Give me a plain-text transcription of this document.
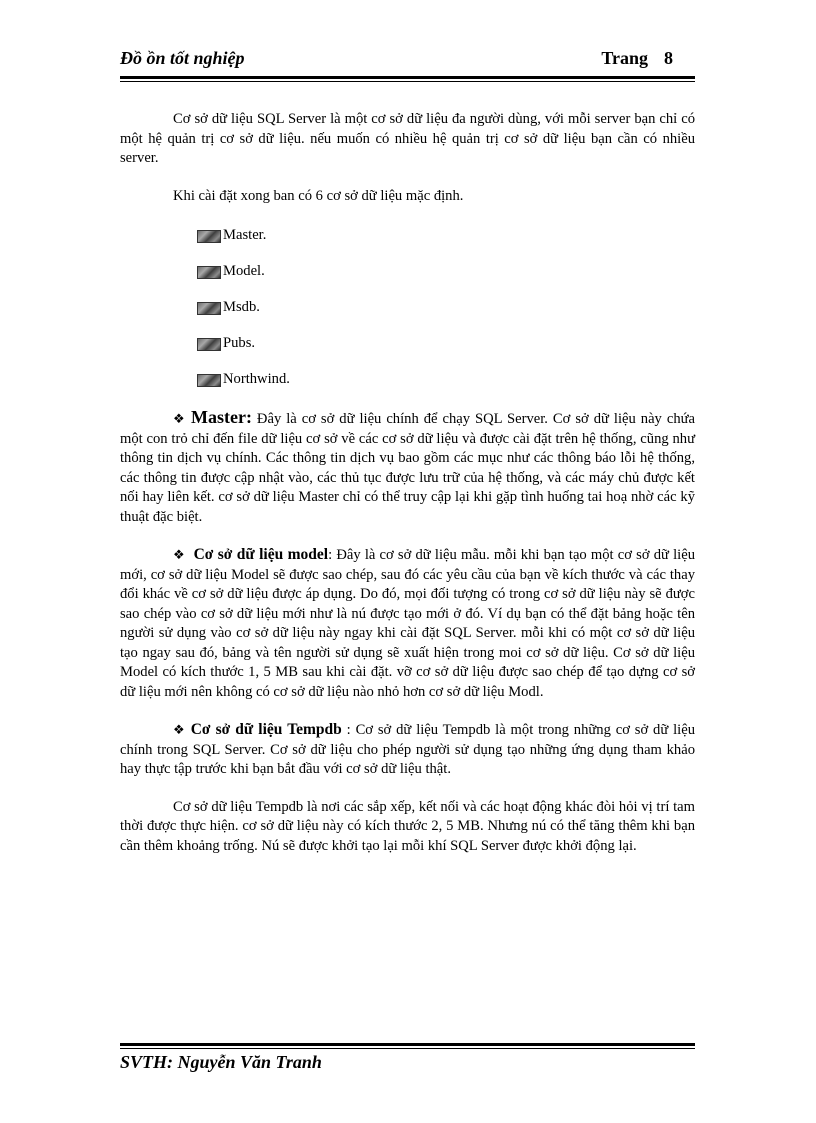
Đồ ồn tốt nghiệp	Trang 8

Cơ sở dữ liệu SQL Server là một cơ sở dữ liệu đa người dùng, với mỗi server bạn chỉ có một hệ quản trị cơ sở dữ liệu. nếu muốn có nhiều hệ quản trị cơ sở dữ liệu bạn cần có nhiều server.

Khi cài đặt xong ban có 6 cơ sở dữ liệu mặc định.

Master.
Model.
Msdb.
Pubs.
Northwind.

❖ Master: Đây là cơ sở dữ liệu chính để chạy SQL Server. Cơ sở dữ liệu này chứa một con trỏ chỉ đến file dữ liệu cơ sở về các cơ sở dữ liệu và được cài đặt trên hệ thống, cũng như thông tin dịch vụ chính. Các thông tin dịch vụ bao gồm các mục như các thông báo lỗi hệ thống, các thông tin được cập nhật vào, các thủ tục được lưu trữ của hệ thống, và các máy chủ được kết nối hay liên kết. cơ sở dữ liệu Master chỉ có thể truy cập lại khi gặp tình huống tai hoạ nhờ các kỹ thuật đặc biệt.

❖ Cơ sở dữ liệu model: Đây là cơ sở dữ liệu mẫu. mỗi khi bạn tạo một cơ sở dữ liệu mới, cơ sở dữ liệu Model sẽ được sao chép, sau đó các yêu cầu của bạn về kích thước và các thay đổi khác về cơ sở dữ liệu được áp dụng. Do đó, mọi đối tượng có trong cơ sở dữ liệu này sẽ được sao chép vào cơ sở dữ liệu mới như là nú được tạo mới ở đó. Ví dụ bạn có thể đặt bảng hoặc tên người sử dụng vào cơ sở dữ liệu này ngay khi cài đặt SQL Server. mỗi khi có một cơ sở dữ liệu tạo ngay sau đó, bảng và tên người sử dụng sẽ xuất hiện trong moi cơ sở dữ liệu. Cơ sở dữ liệu Model có kích thước 1, 5 MB sau khi cài đặt. vỡ cơ sở dữ liệu được sao chép để tạo dựng cơ sở dữ liệu mới nên không có cơ sở dữ liệu nào nhỏ hơn cơ sở dữ liệu Modl.

❖ Cơ sở dữ liệu Tempdb : Cơ sở dữ liệu Tempdb là một trong những cơ sở dữ liệu chính trong SQL Server. Cơ sở dữ liệu cho phép người sử dụng tạo những ứng dụng tham khảo hay thực tập trước khi bạn bắt đầu với cơ sở dữ liệu thật.

Cơ sở dữ liệu Tempdb là nơi các sắp xếp, kết nối và các hoạt động khác đòi hỏi vị trí tam thời được thực hiện. cơ sở dữ liệu này có kích thước 2, 5 MB. Nhưng nú có thể tăng thêm khi bạn cần thêm khoảng trống. Nú sẽ được khởi tạo lại mỗi khí SQL Server được khởi động lại.

SVTH: Nguyễn Văn Tranh
